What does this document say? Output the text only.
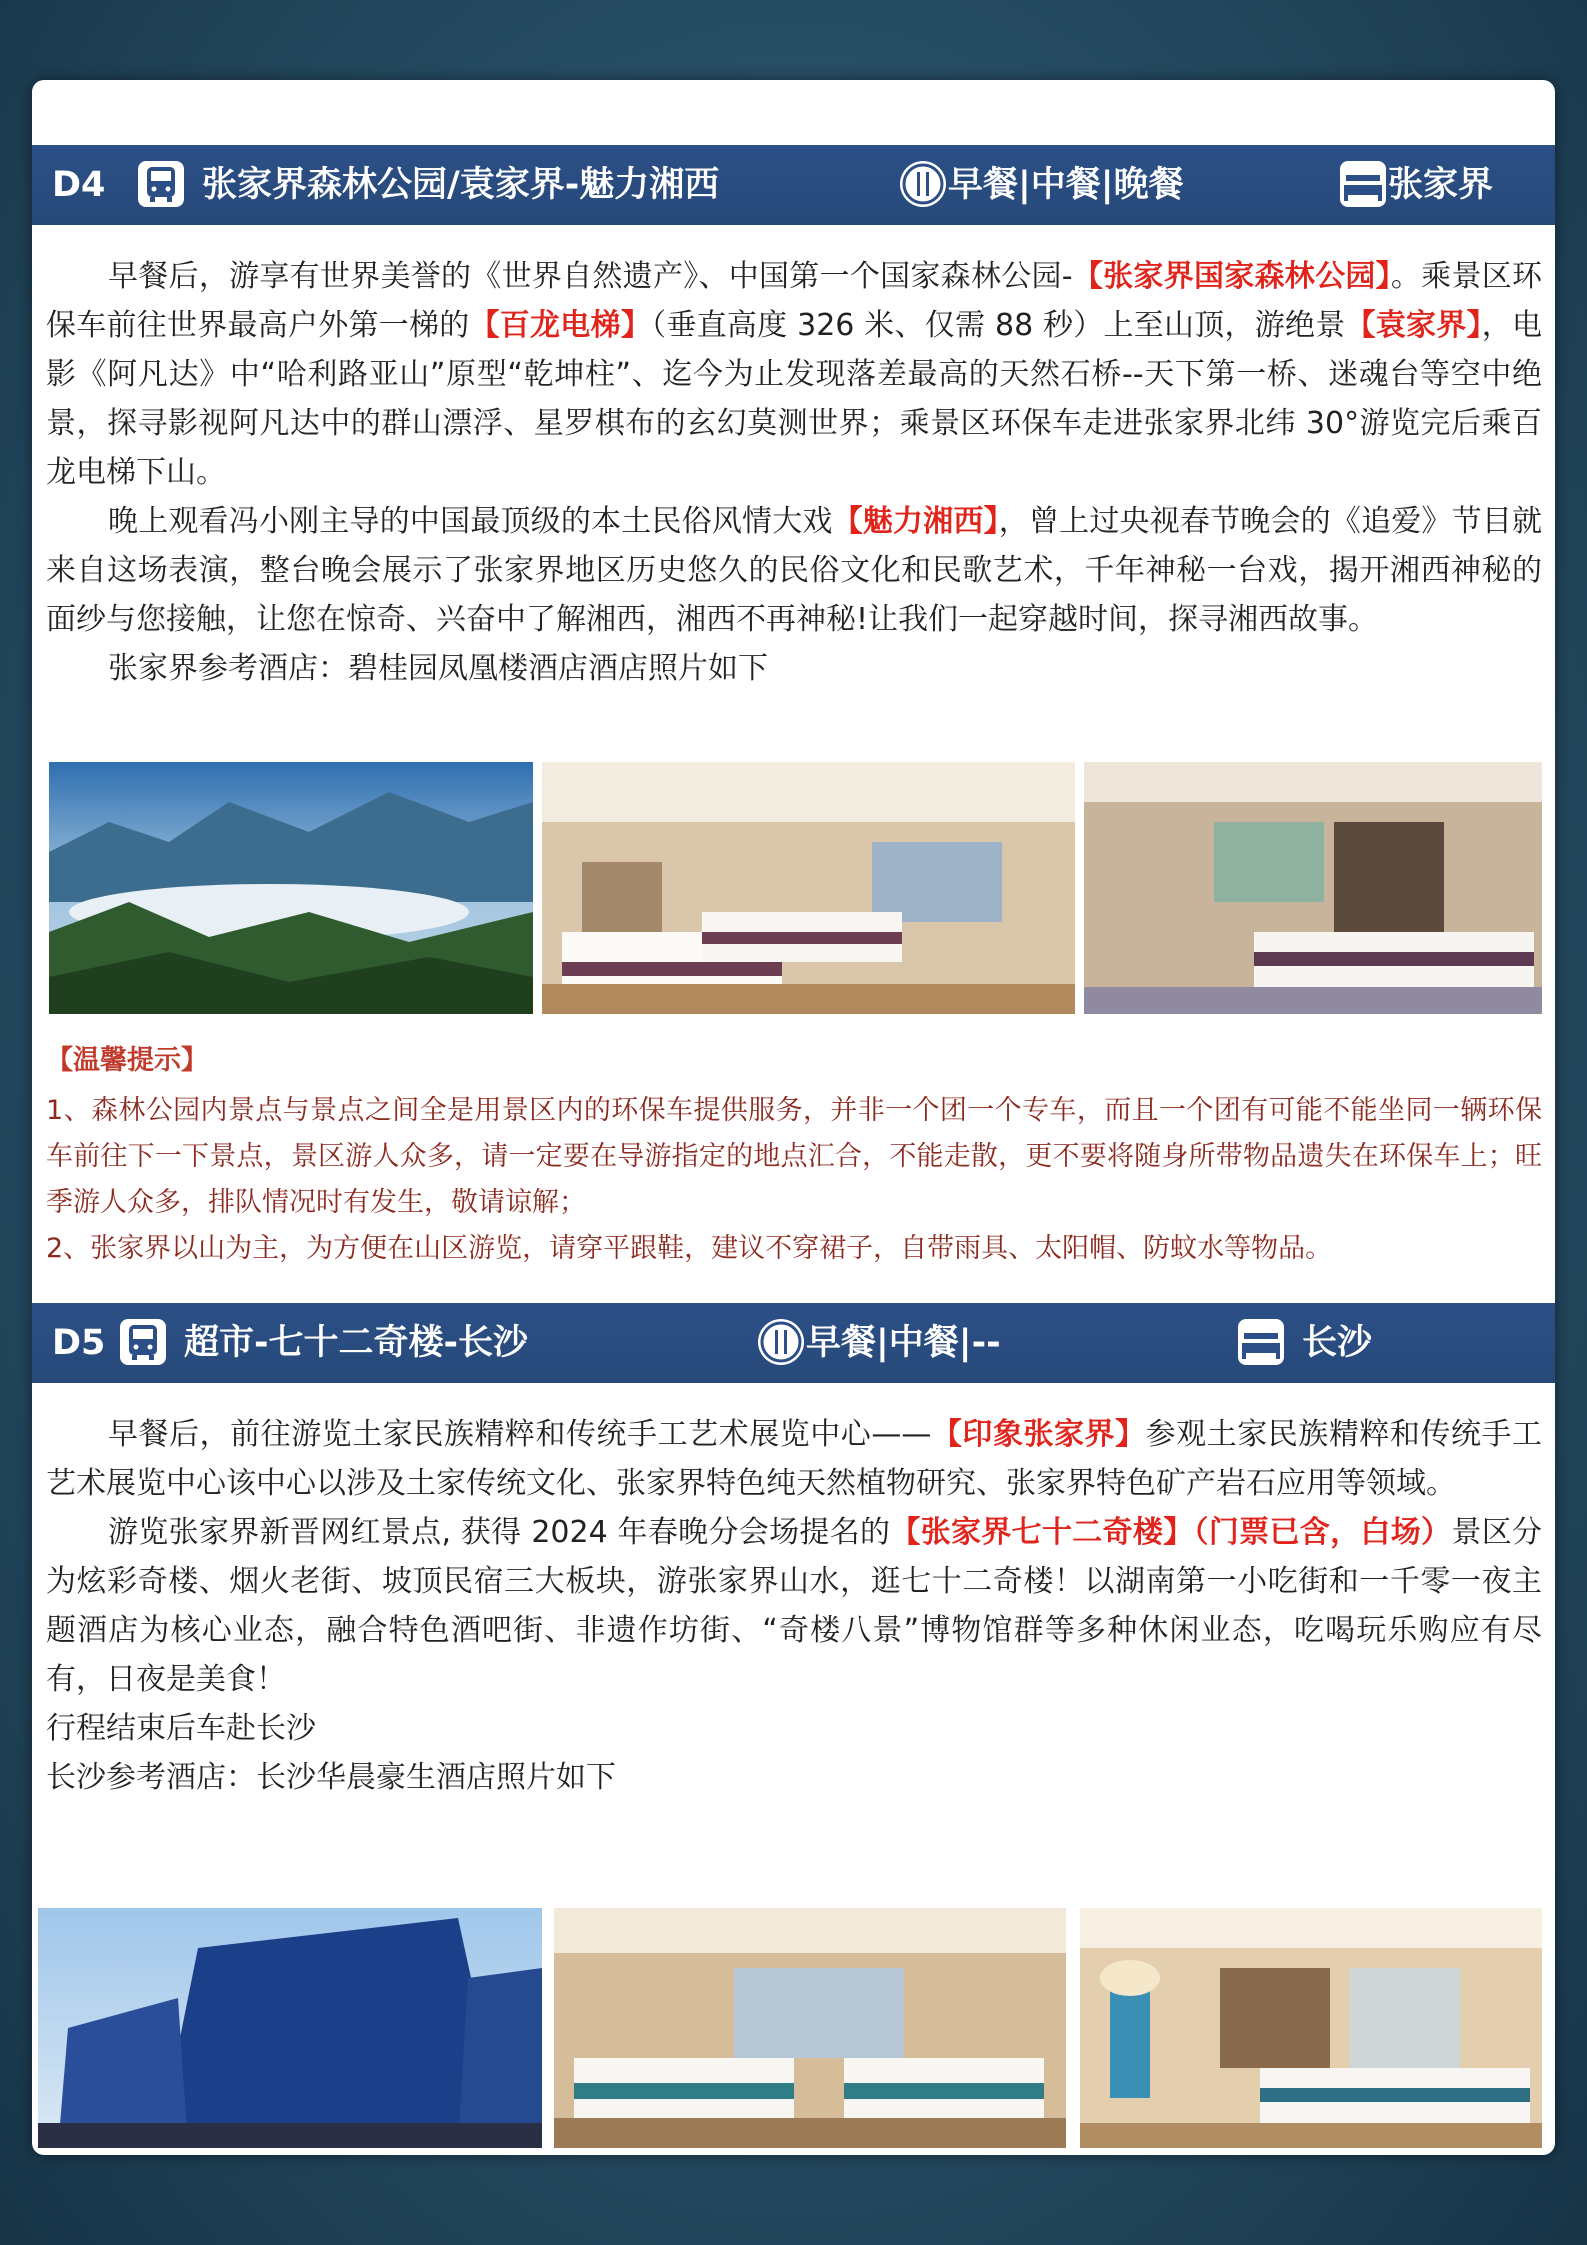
D4	张家界森林公园/袁家界-魅力湘西	早餐|中餐|晚餐	张家界

早餐后，游享有世界美誉的《世界自然遗产》、中国第一个国家森林公园-【张家界国家森林公园】。乘景区环保车前往世界最高户外第一梯的【百龙电梯】（垂直高度 326 米、仅需 88 秒）上至山顶，游绝景【袁家界】，电影《阿凡达》中“哈利路亚山”原型“乾坤柱”、迄今为止发现落差最高的天然石桥--天下第一桥、迷魂台等空中绝景，探寻影视阿凡达中的群山漂浮、星罗棋布的玄幻莫测世界；乘景区环保车走进张家界北纬 30°游览完后乘百龙电梯下山。

晚上观看冯小刚主导的中国最顶级的本土民俗风情大戏【魅力湘西】，曾上过央视春节晚会的《追爱》节目就来自这场表演，整台晚会展示了张家界地区历史悠久的民俗文化和民歌艺术，千年神秘一台戏，揭开湘西神秘的面纱与您接触，让您在惊奇、兴奋中了解湘西，湘西不再神秘!让我们一起穿越时间，探寻湘西故事。

张家界参考酒店：碧桂园凤凰楼酒店酒店照片如下

【温馨提示】

1、森林公园内景点与景点之间全是用景区内的环保车提供服务，并非一个团一个专车，而且一个团有可能不能坐同一辆环保车前往下一下景点，景区游人众多，请一定要在导游指定的地点汇合，不能走散，更不要将随身所带物品遗失在环保车上；旺季游人众多，排队情况时有发生，敬请谅解；

2、张家界以山为主，为方便在山区游览，请穿平跟鞋，建议不穿裙子，自带雨具、太阳帽、防蚊水等物品。

D5 超市-七十二奇楼-长沙	早餐|中餐|--	长沙

早餐后，前往游览土家民族精粹和传统手工艺术展览中心——【印象张家界】参观土家民族精粹和传统手工艺术展览中心该中心以涉及土家传统文化、张家界特色纯天然植物研究、张家界特色矿产岩石应用等领域。

游览张家界新晋网红景点, 获得 2024 年春晚分会场提名的【张家界七十二奇楼】（门票已含，白场）景区分为炫彩奇楼、烟火老街、坡顶民宿三大板块，游张家界山水，逛七十二奇楼！以湖南第一小吃街和一千零一夜主题酒店为核心业态，融合特色酒吧街、非遗作坊街、“奇楼八景”博物馆群等多种休闲业态，吃喝玩乐购应有尽有，日夜是美食！

行程结束后车赴长沙

长沙参考酒店：长沙华晨豪生酒店照片如下
